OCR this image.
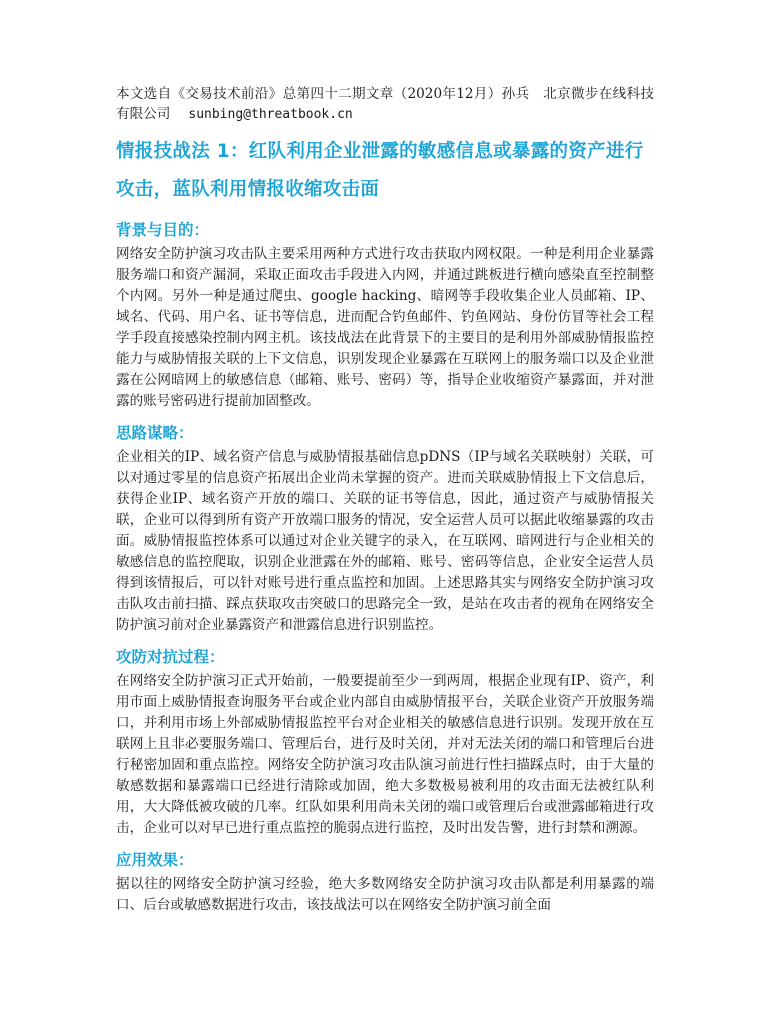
本文选自《交易技术前沿》总第四十二期文章（2020年12月）孙兵　北京微步在线科技有限公司 sunbing@threatbook.cn

情报技战法 1：红队利用企业泄露的敏感信息或暴露的资产进行攻击，蓝队利用情报收缩攻击面
背景与目的：

网络安全防护演习攻击队主要采用两种方式进行攻击获取内网权限。一种是利用企业暴露服务端口和资产漏洞，采取正面攻击手段进入内网，并通过跳板进行横向感染直至控制整个内网。另外一种是通过爬虫、google hacking、暗网等手段收集企业人员邮箱、IP、域名、代码、用户名、证书等信息，进而配合钓鱼邮件、钓鱼网站、身份仿冒等社会工程学手段直接感染控制内网主机。该技战法在此背景下的主要目的是利用外部威胁情报监控能力与威胁情报关联的上下文信息，识别发现企业暴露在互联网上的服务端口以及企业泄露在公网暗网上的敏感信息（邮箱、账号、密码）等，指导企业收缩资产暴露面，并对泄露的账号密码进行提前加固整改。

思路谋略：

企业相关的IP、域名资产信息与威胁情报基础信息pDNS（IP与域名关联映射）关联，可以对通过零星的信息资产拓展出企业尚未掌握的资产。进而关联威胁情报上下文信息后，获得企业IP、域名资产开放的端口、关联的证书等信息，因此，通过资产与威胁情报关联，企业可以得到所有资产开放端口服务的情况，安全运营人员可以据此收缩暴露的攻击面。威胁情报监控体系可以通过对企业关键字的录入，在互联网、暗网进行与企业相关的敏感信息的监控爬取，识别企业泄露在外的邮箱、账号、密码等信息，企业安全运营人员得到该情报后，可以针对账号进行重点监控和加固。上述思路其实与网络安全防护演习攻击队攻击前扫描、踩点获取攻击突破口的思路完全一致，是站在攻击者的视角在网络安全防护演习前对企业暴露资产和泄露信息进行识别监控。

攻防对抗过程：

在网络安全防护演习正式开始前，一般要提前至少一到两周，根据企业现有IP、资产，利用市面上威胁情报查询服务平台或企业内部自由威胁情报平台，关联企业资产开放服务端口，并利用市场上外部威胁情报监控平台对企业相关的敏感信息进行识别。发现开放在互联网上且非必要服务端口、管理后台，进行及时关闭，并对无法关闭的端口和管理后台进行秘密加固和重点监控。网络安全防护演习攻击队演习前进行性扫描踩点时，由于大量的敏感数据和暴露端口已经进行清除或加固，绝大多数极易被利用的攻击面无法被红队利用，大大降低被攻破的几率。红队如果利用尚未关闭的端口或管理后台或泄露邮箱进行攻击，企业可以对早已进行重点监控的脆弱点进行监控，及时出发告警，进行封禁和溯源。

应用效果：

据以往的网络安全防护演习经验，绝大多数网络安全防护演习攻击队都是利用暴露的端口、后台或敏感数据进行攻击，该技战法可以在网络安全防护演习前全面
